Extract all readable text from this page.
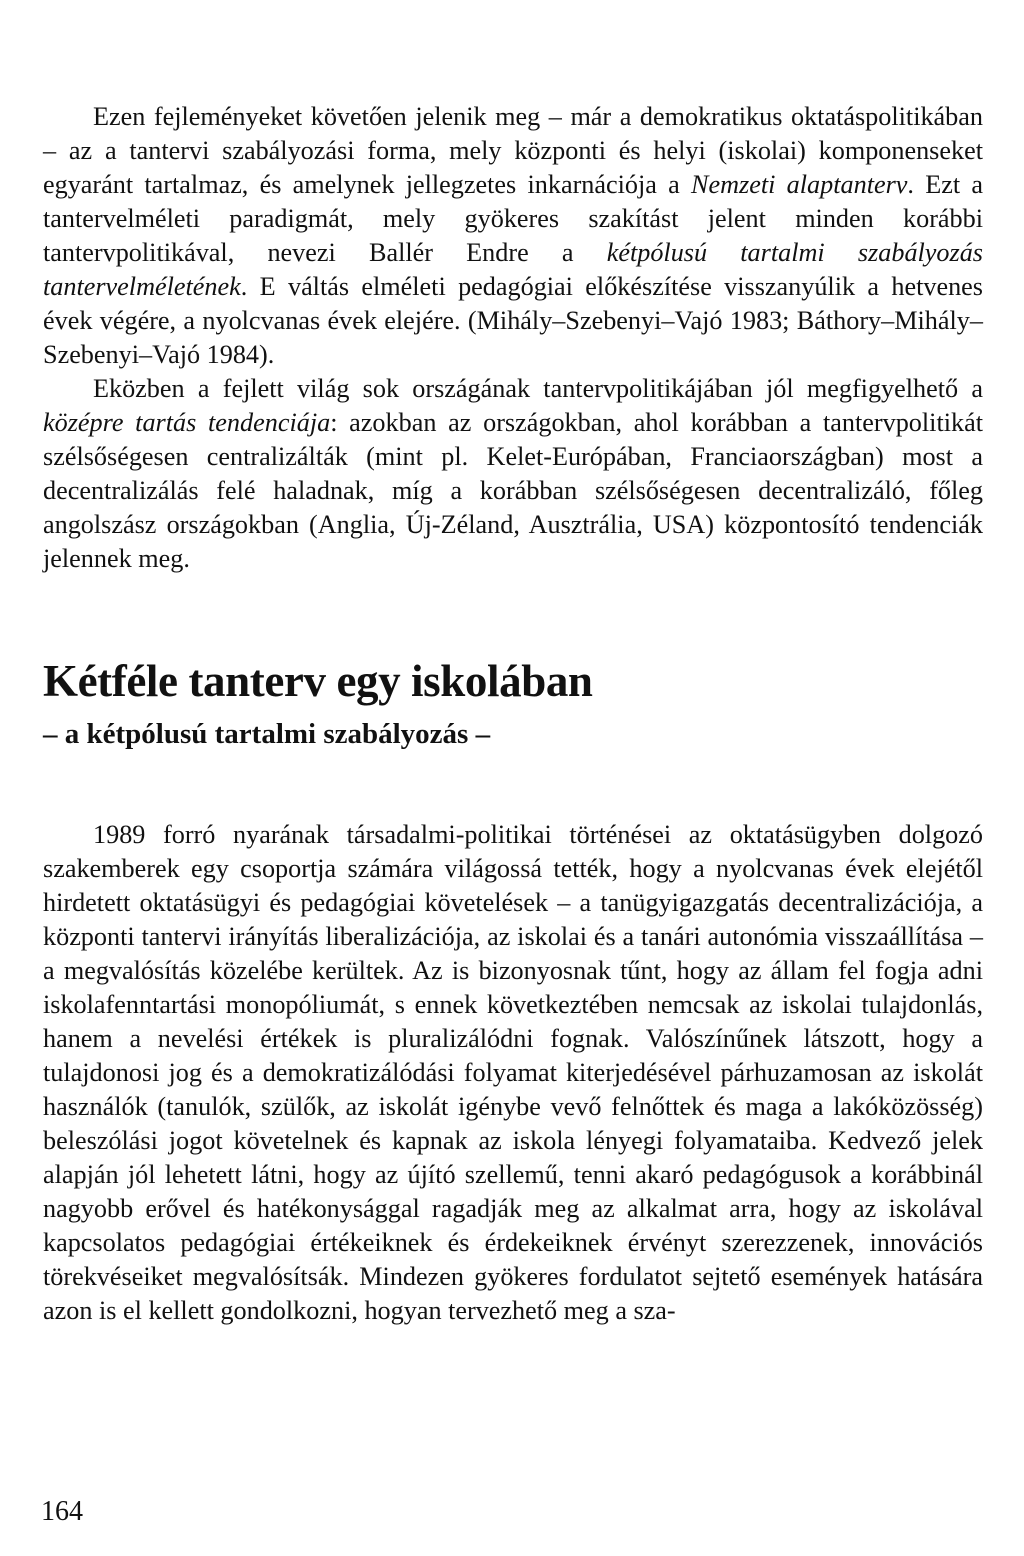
Ezen fejleményeket követően jelenik meg – már a demokratikus oktatáspolitikában – az a tantervi szabályozási forma, mely központi és helyi (iskolai) komponenseket egyaránt tartalmaz, és amelynek jellegzetes inkarnációja a Nemzeti alaptanterv. Ezt a tantervelméleti paradigmát, mely gyökeres szakítást jelent minden korábbi tantervpolitikával, nevezi Ballér Endre a kétpólusú tartalmi szabályozás tantervelméletének. E váltás elméleti pedagógiai előkészítése visszanyúlik a hetvenes évek végére, a nyolcvanas évek elejére. (Mihály–Szebenyi–Vajó 1983; Báthory–Mihály–Szebenyi–Vajó 1984).

Eközben a fejlett világ sok országának tantervpolitikájában jól megfigyelhető a középre tartás tendenciája: azokban az országokban, ahol korábban a tantervpolitikát szélsőségesen centralizálták (mint pl. Kelet-Európában, Franciaországban) most a decentralizálás felé haladnak, míg a korábban szélsőségesen decentralizáló, főleg angolszász országokban (Anglia, Új-Zéland, Ausztrália, USA) központosító tendenciák jelennek meg.

Kétféle tanterv egy iskolában
– a kétpólusú tartalmi szabályozás –

1989 forró nyarának társadalmi-politikai történései az oktatásügyben dolgozó szakemberek egy csoportja számára világossá tették, hogy a nyolcvanas évek elejétől hirdetett oktatásügyi és pedagógiai követelések – a tanügyigazgatás decentralizációja, a központi tantervi irányítás liberalizációja, az iskolai és a tanári autonómia visszaállítása – a megvalósítás közelébe kerültek. Az is bizonyosnak tűnt, hogy az állam fel fogja adni iskolafenntartási monopóliumát, s ennek következtében nemcsak az iskolai tulajdonlás, hanem a nevelési értékek is pluralizálódni fognak. Valószínűnek látszott, hogy a tulajdonosi jog és a demokratizálódási folyamat kiterjedésével párhuzamosan az iskolát használók (tanulók, szülők, az iskolát igénybe vevő felnőttek és maga a lakóközösség) beleszólási jogot követelnek és kapnak az iskola lényegi folyamataiba. Kedvező jelek alapján jól lehetett látni, hogy az újító szellemű, tenni akaró pedagógusok a korábbinál nagyobb erővel és hatékonysággal ragadják meg az alkalmat arra, hogy az iskolával kapcsolatos pedagógiai értékeiknek és érdekeiknek érvényt szerezzenek, innovációs törekvéseiket megvalósítsák. Mindezen gyökeres fordulatot sejtető események hatására azon is el kellett gondolkozni, hogyan tervezhető meg a sza-

164
